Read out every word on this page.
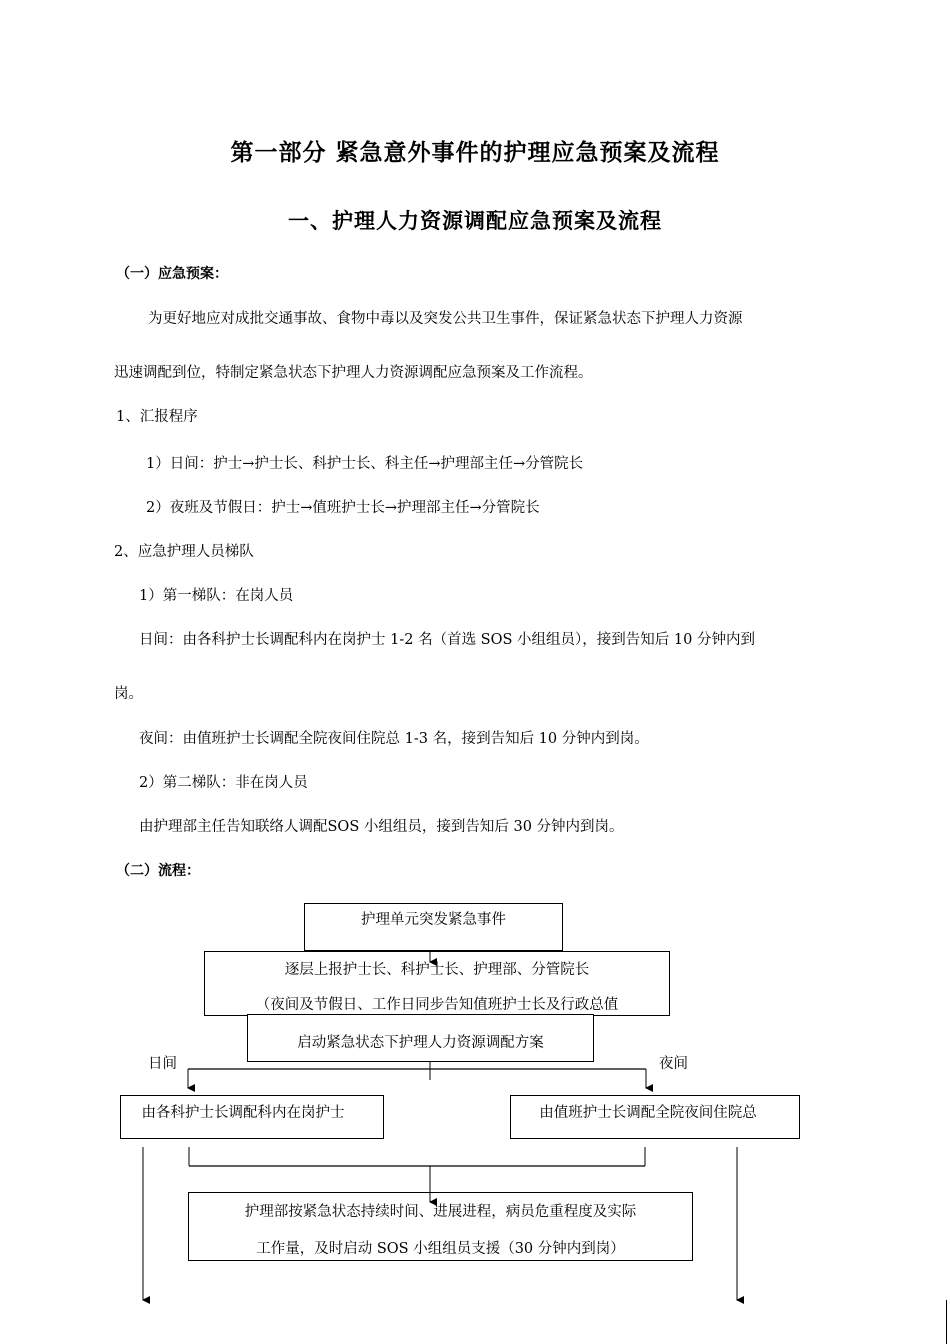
第一部分 紧急意外事件的护理应急预案及流程
一、护理人力资源调配应急预案及流程
（一）应急预案：
为更好地应对成批交通事故、食物中毒以及突发公共卫生事件，保证紧急状态下护理人力资源
迅速调配到位，特制定紧急状态下护理人力资源调配应急预案及工作流程。
1、汇报程序
1）日间：护士→护士长、科护士长、科主任→护理部主任→分管院长
2）夜班及节假日：护士→值班护士长→护理部主任→分管院长
2、应急护理人员梯队
1）第一梯队：在岗人员
日间：由各科护士长调配科内在岗护士 1-2 名（首选 SOS 小组组员），接到告知后 10 分钟内到
岗。
夜间：由值班护士长调配全院夜间住院总 1-3 名，接到告知后 10 分钟内到岗。
2）第二梯队：非在岗人员
由护理部主任告知联络人调配SOS 小组组员，接到告知后 30 分钟内到岗。
（二）流程：
护理单元突发紧急事件
逐层上报护士长、科护士长、护理部、分管院长
（夜间及节假日、工作日同步告知值班护士长及行政总值
启动紧急状态下护理人力资源调配方案
日间	夜间
由各科护士长调配科内在岗护士	由值班护士长调配全院夜间住院总
护理部按紧急状态持续时间、进展进程，病员危重程度及实际
工作量，及时启动 SOS 小组组员支援（30 分钟内到岗）
